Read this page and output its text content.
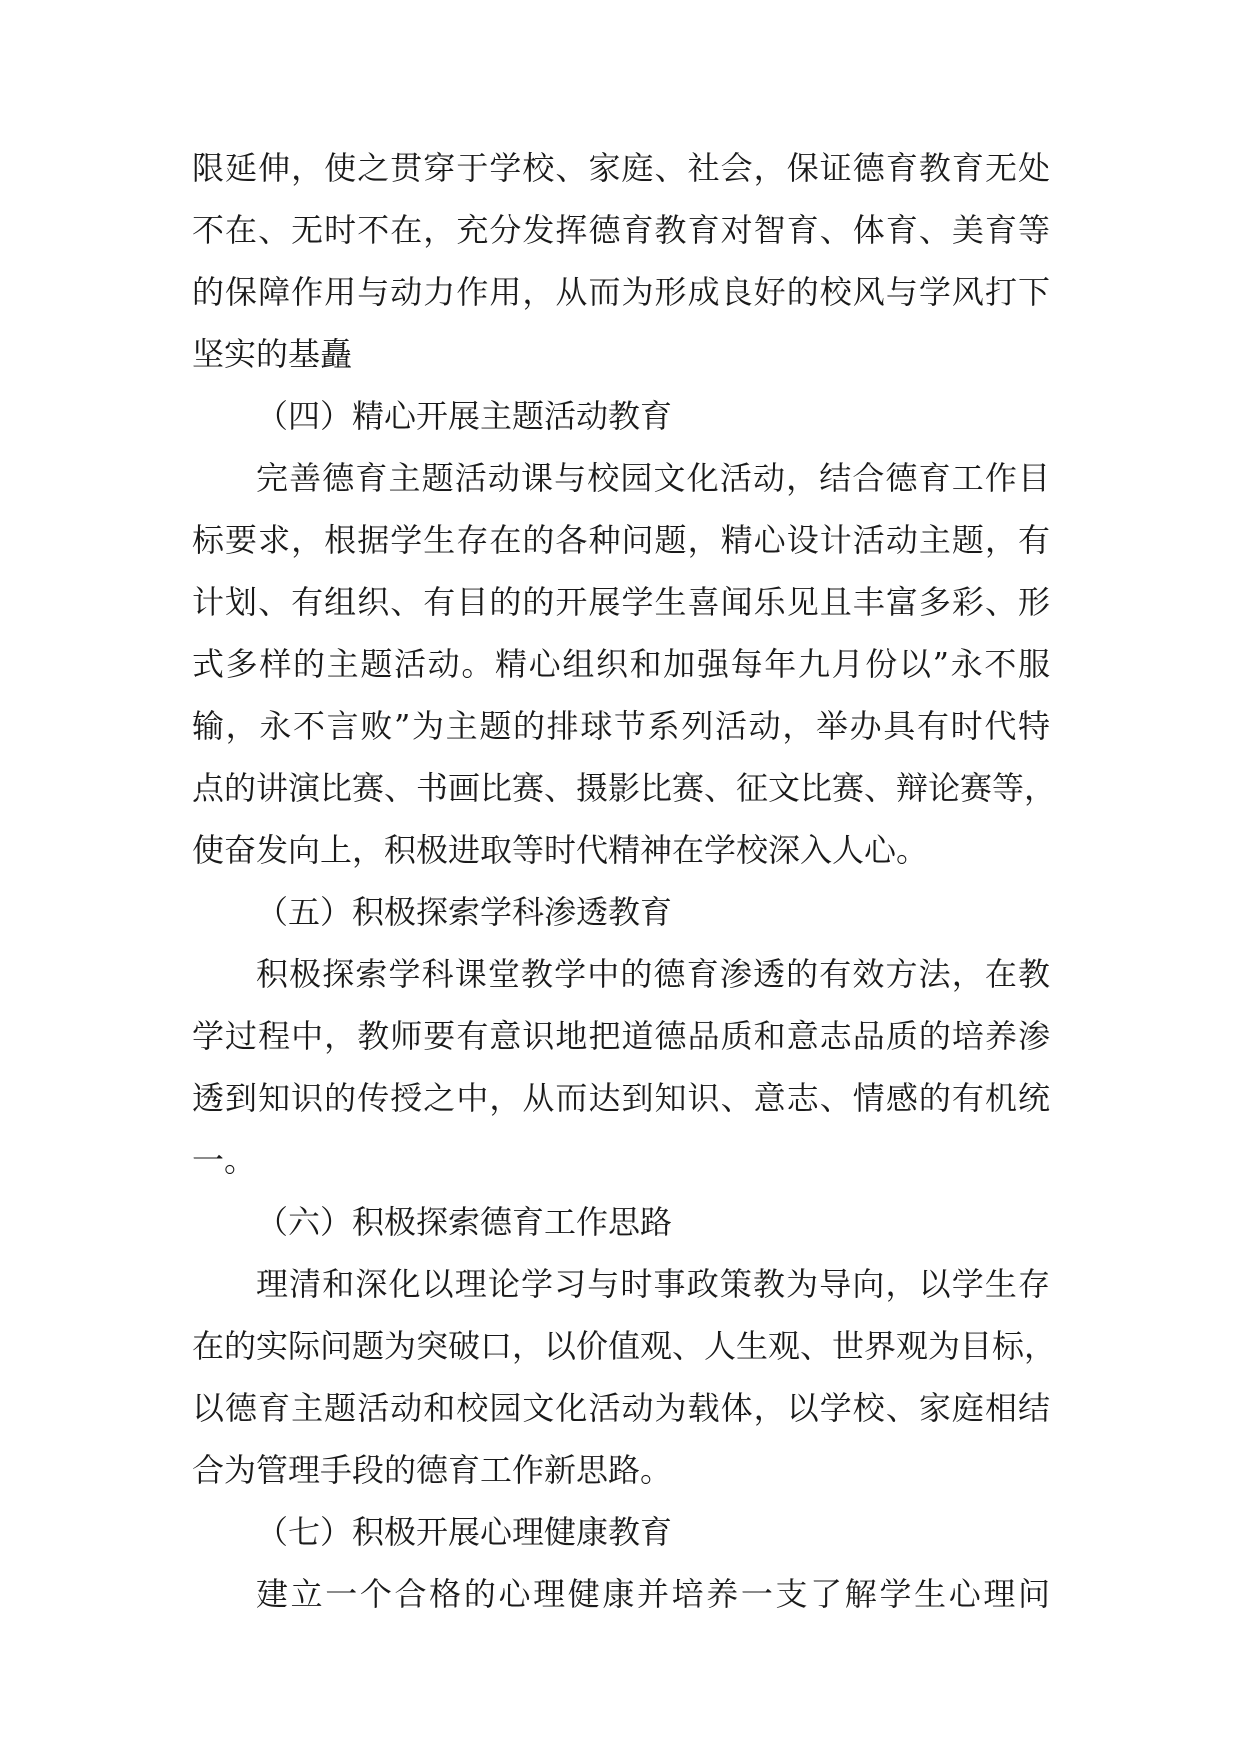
限延伸，使之贯穿于学校、家庭、社会，保证德育教育无处
不在、无时不在，充分发挥德育教育对智育、体育、美育等
的保障作用与动力作用，从而为形成良好的校风与学风打下
坚实的基矗
（四）精心开展主题活动教育
完善德育主题活动课与校园文化活动，结合德育工作目
标要求，根据学生存在的各种问题，精心设计活动主题，有
计划、有组织、有目的的开展学生喜闻乐见且丰富多彩、形
式多样的主题活动。精心组织和加强每年九月份以”永不服
输，永不言败”为主题的排球节系列活动，举办具有时代特
点的讲演比赛、书画比赛、摄影比赛、征文比赛、辩论赛等，
使奋发向上，积极进取等时代精神在学校深入人心。
（五）积极探索学科渗透教育
积极探索学科课堂教学中的德育渗透的有效方法，在教
学过程中，教师要有意识地把道德品质和意志品质的培养渗
透到知识的传授之中，从而达到知识、意志、情感的有机统
一。
（六）积极探索德育工作思路
理清和深化以理论学习与时事政策教为导向，以学生存
在的实际问题为突破口，以价值观、人生观、世界观为目标，
以德育主题活动和校园文化活动为载体，以学校、家庭相结
合为管理手段的德育工作新思路。
（七）积极开展心理健康教育
建立一个合格的心理健康并培养一支了解学生心理问
